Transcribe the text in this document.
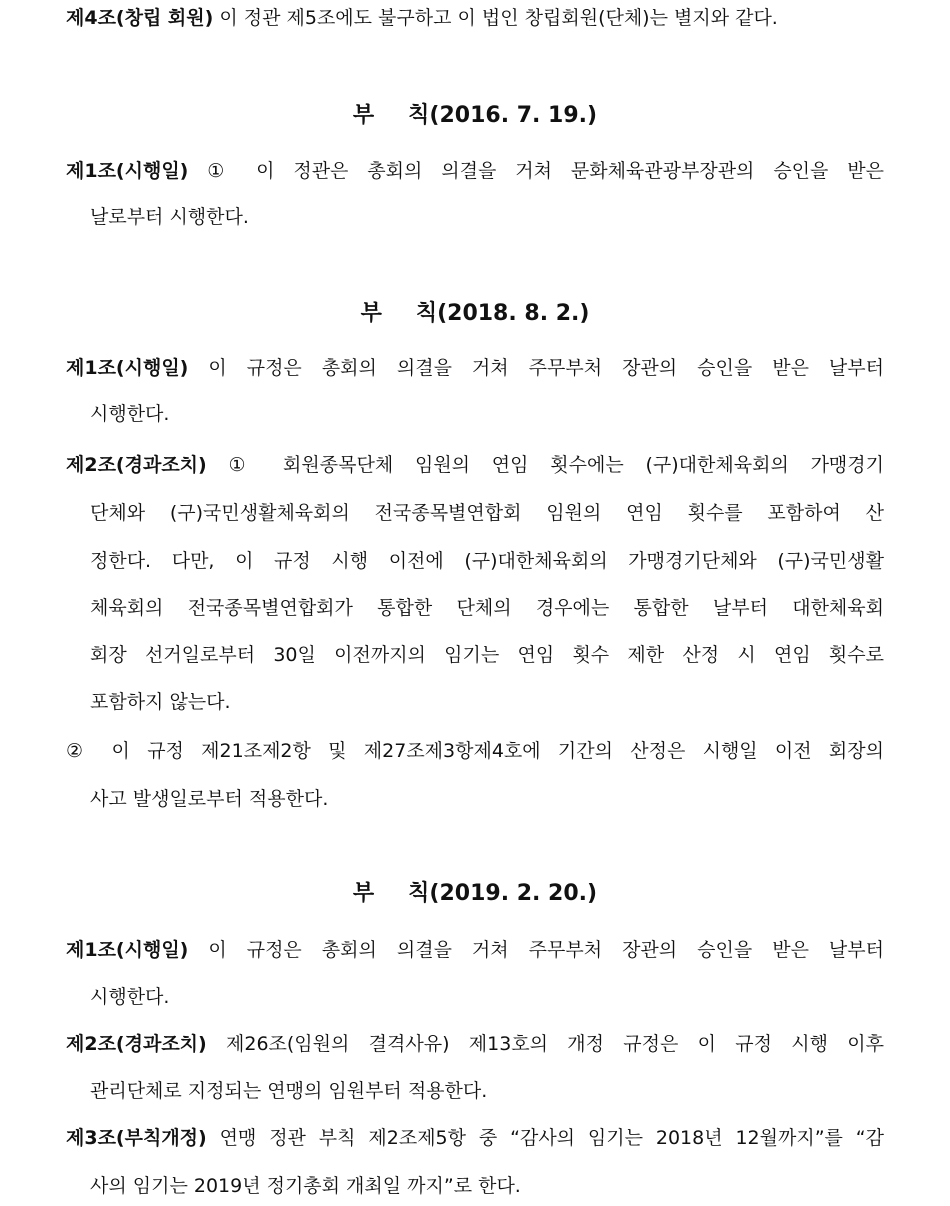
제4조(창립 회원) 이 정관 제5조에도 불구하고 이 법인 창립회원(단체)는 별지와 같다.
부 칙(2016. 7. 19.)
제1조(시행일) ① 이 정관은 총회의 의결을 거쳐 문화체육관광부장관의 승인을 받은
날로부터 시행한다.
부 칙(2018. 8. 2.)
제1조(시행일) 이 규정은 총회의 의결을 거쳐 주무부처 장관의 승인을 받은 날부터
시행한다.
제2조(경과조치) ① 회원종목단체 임원의 연임 횟수에는 (구)대한체육회의 가맹경기
단체와 (구)국민생활체육회의 전국종목별연합회 임원의 연임 횟수를 포함하여 산
정한다. 다만, 이 규정 시행 이전에 (구)대한체육회의 가맹경기단체와 (구)국민생활
체육회의 전국종목별연합회가 통합한 단체의 경우에는 통합한 날부터 대한체육회
회장 선거일로부터 30일 이전까지의 임기는 연임 횟수 제한 산정 시 연임 횟수로
포함하지 않는다.
② 이 규정 제21조제2항 및 제27조제3항제4호에 기간의 산정은 시행일 이전 회장의
사고 발생일로부터 적용한다.
부 칙(2019. 2. 20.)
제1조(시행일) 이 규정은 총회의 의결을 거쳐 주무부처 장관의 승인을 받은 날부터
시행한다.
제2조(경과조치) 제26조(임원의 결격사유) 제13호의 개정 규정은 이 규정 시행 이후
관리단체로 지정되는 연맹의 임원부터 적용한다.
제3조(부칙개정) 연맹 정관 부칙 제2조제5항 중 “감사의 임기는 2018년 12월까지”를 “감
사의 임기는 2019년 정기총회 개최일 까지”로 한다.
